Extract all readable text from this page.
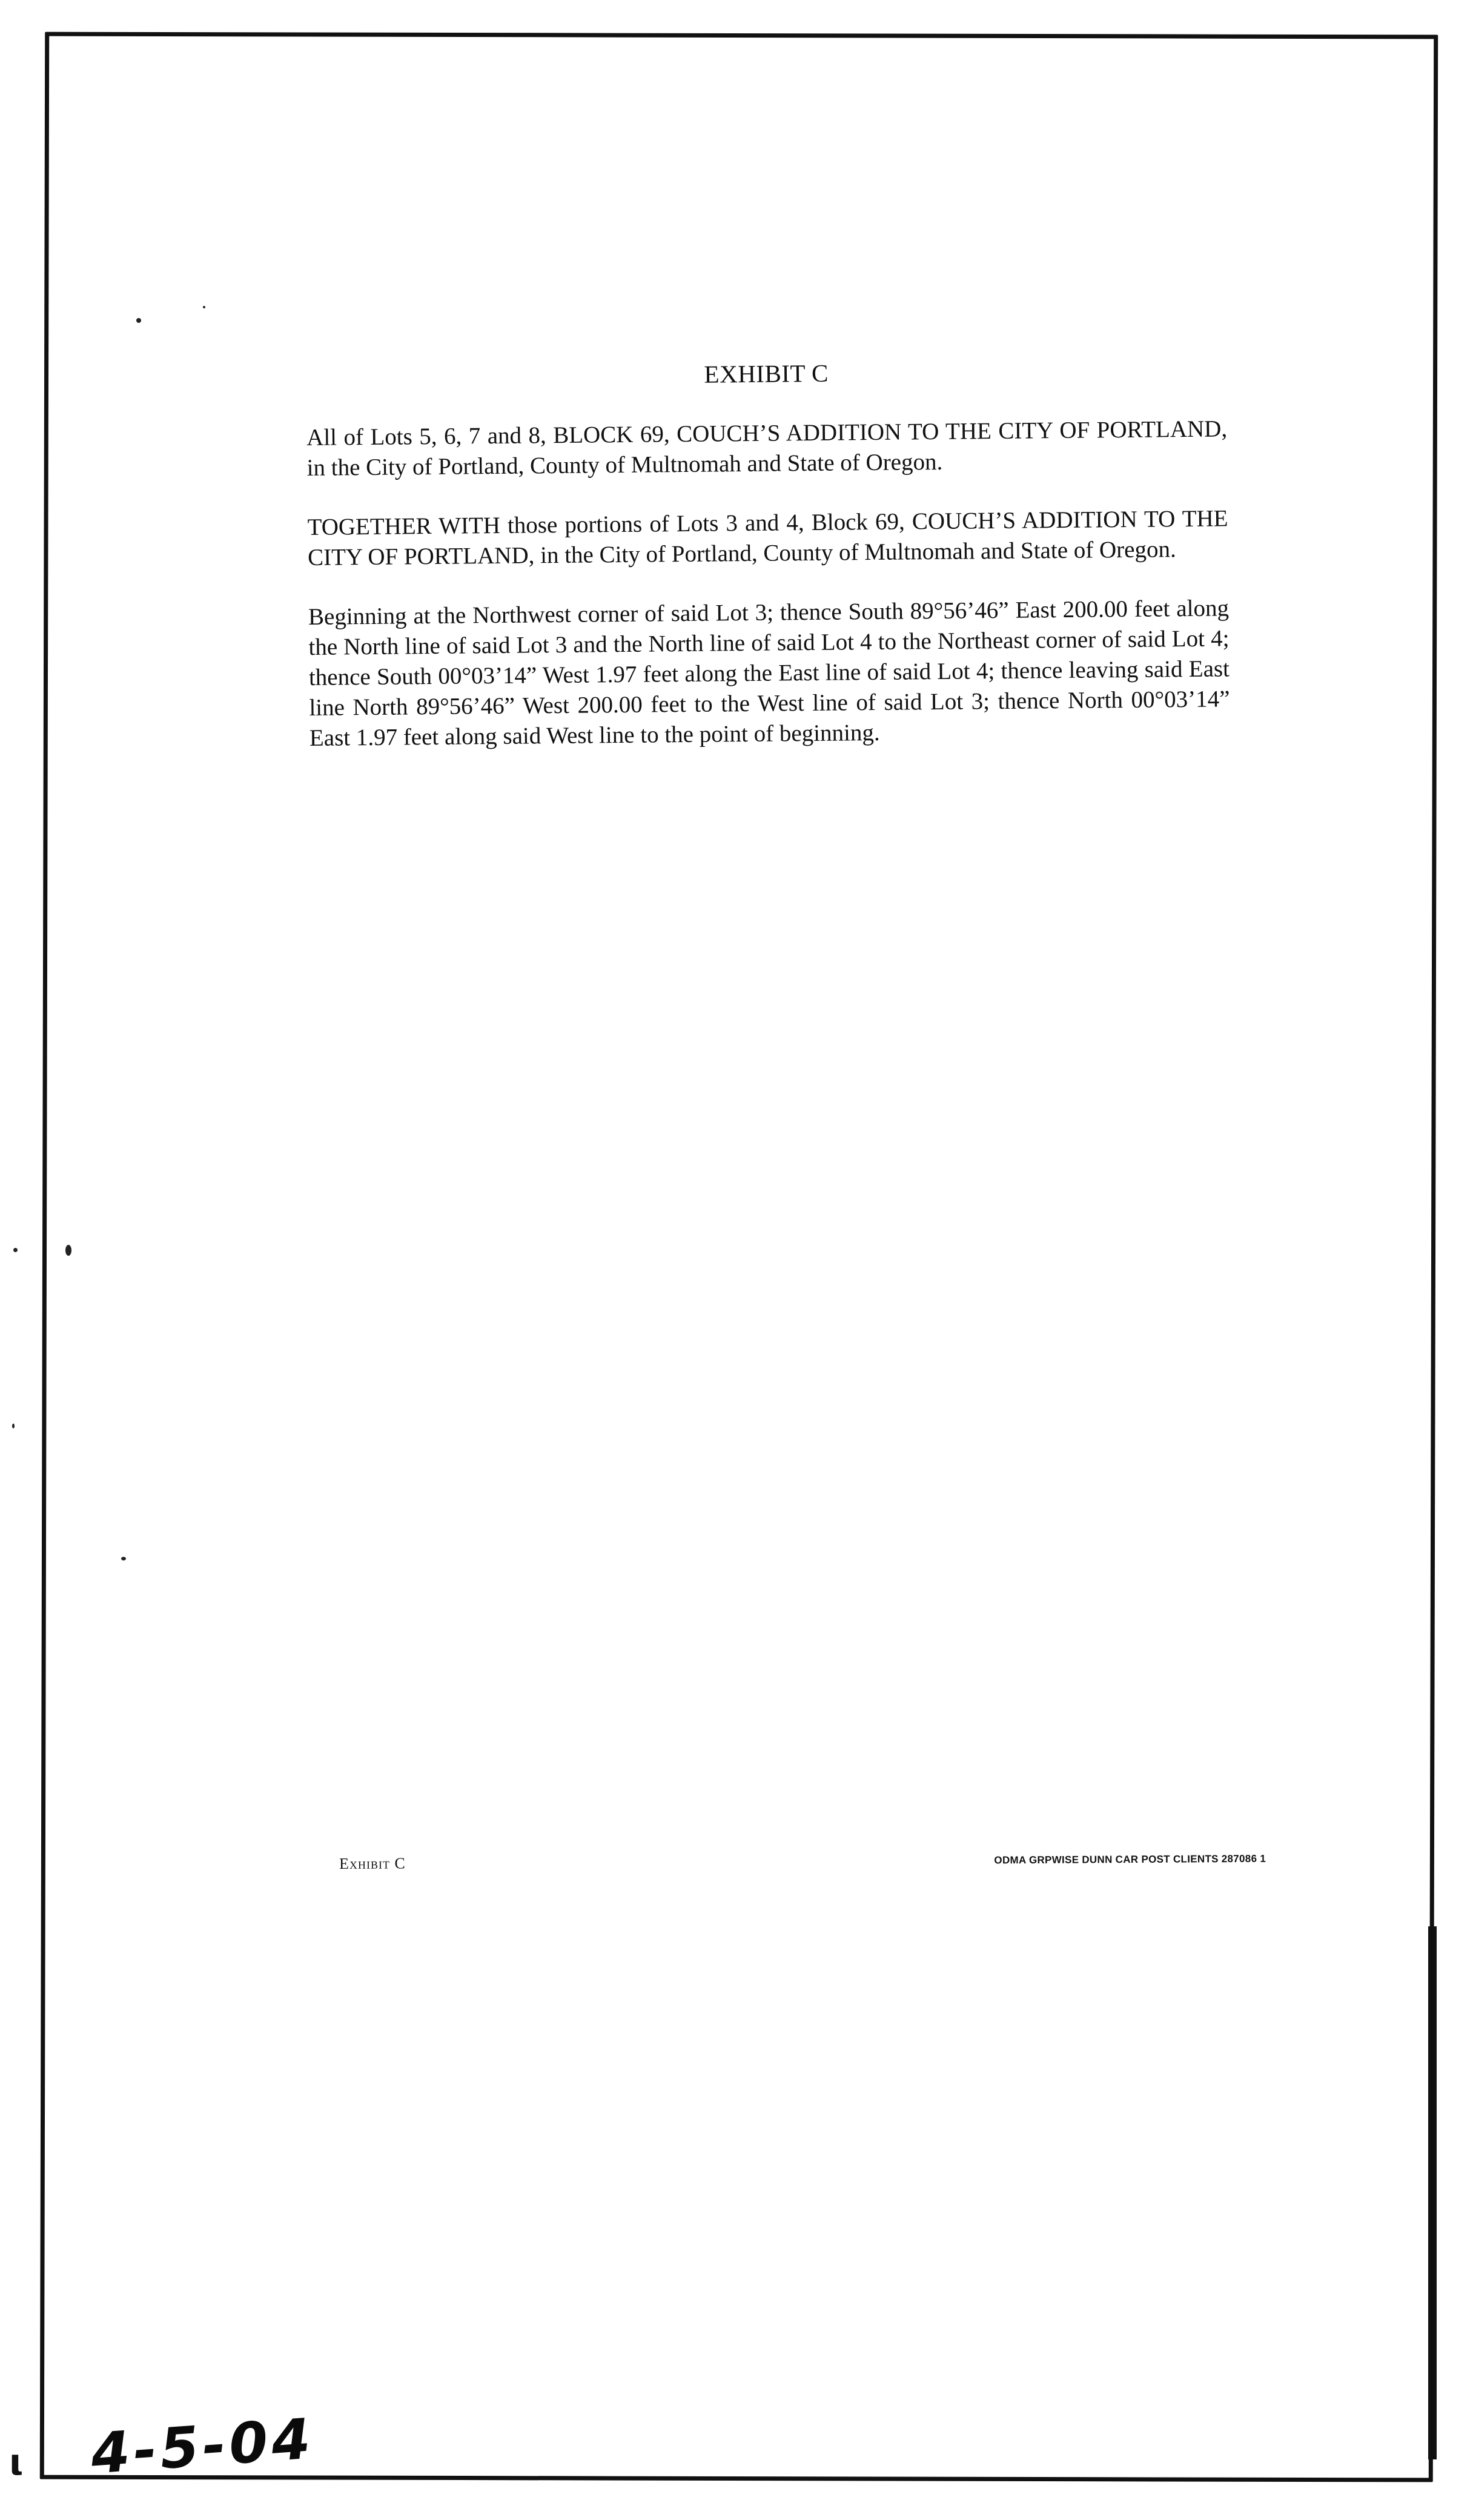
EXHIBIT C

All of Lots 5, 6, 7 and 8, BLOCK 69, COUCH’S ADDITION TO THE CITY OF PORTLAND, in the City of Portland, County of Multnomah and State of Oregon.

TOGETHER WITH those portions of Lots 3 and 4, Block 69, COUCH’S ADDITION TO THE CITY OF PORTLAND, in the City of Portland, County of Multnomah and State of Oregon.

Beginning at the Northwest corner of said Lot 3; thence South 89°56’46” East 200.00 feet along the North line of said Lot 3 and the North line of said Lot 4 to the Northeast corner of said Lot 4; thence South 00°03’14” West 1.97 feet along the East line of said Lot 4; thence leaving said East line North 89°56’46” West 200.00 feet to the West line of said Lot 3; thence North 00°03’14” East 1.97 feet along said West line to the point of beginning.

Exhibit C	ODMA GRPWISE DUNN CAR POST CLIENTS 287086 1
ι 4-5-04
